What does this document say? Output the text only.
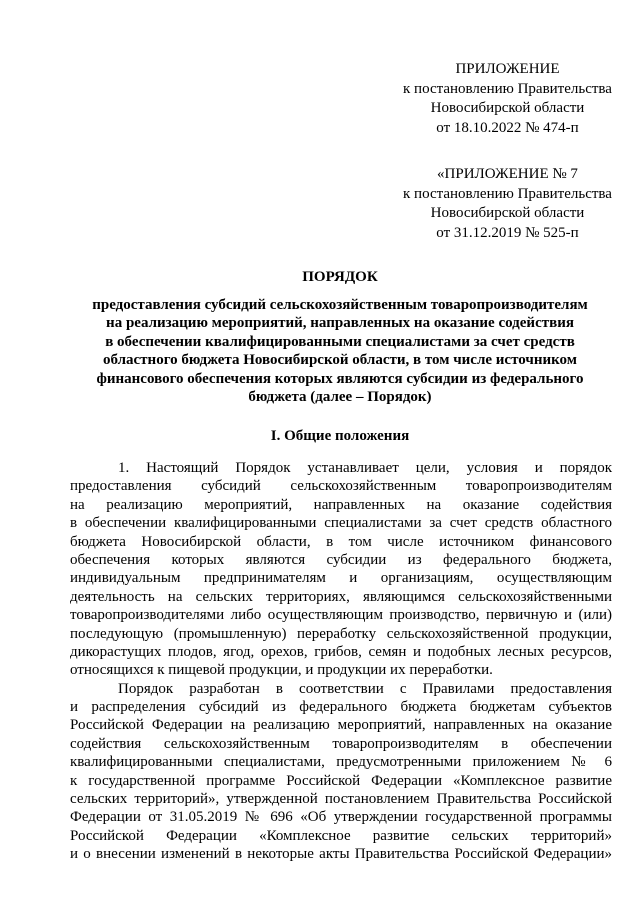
ПРИЛОЖЕНИЕ
к постановлению Правительства
Новосибирской области
от 18.10.2022 № 474-п
«ПРИЛОЖЕНИЕ № 7
к постановлению Правительства
Новосибирской области
от 31.12.2019 № 525-п
ПОРЯДОК
предоставления субсидий сельскохозяйственным товаропроизводителям
на реализацию мероприятий, направленных на оказание содействия
в обеспечении квалифицированными специалистами за счет средств
областного бюджета Новосибирской области, в том числе источником
финансового обеспечения которых являются субсидии из федерального
бюджета (далее – Порядок)
I. Общие положения
1. Настоящий Порядок устанавливает цели, условия и порядок
предоставления субсидий сельскохозяйственным товаропроизводителям
на реализацию мероприятий, направленных на оказание содействия
в обеспечении квалифицированными специалистами за счет средств областного
бюджета Новосибирской области, в том числе источником финансового
обеспечения которых являются субсидии из федерального бюджета,
индивидуальным предпринимателям и организациям, осуществляющим
деятельность на сельских территориях, являющимся сельскохозяйственными
товаропроизводителями либо осуществляющим производство, первичную и (или)
последующую (промышленную) переработку сельскохозяйственной продукции,
дикорастущих плодов, ягод, орехов, грибов, семян и подобных лесных ресурсов,
относящихся к пищевой продукции, и продукции их переработки.
Порядок разработан в соответствии с Правилами предоставления
и распределения субсидий из федерального бюджета бюджетам субъектов
Российской Федерации на реализацию мероприятий, направленных на оказание
содействия сельскохозяйственным товаропроизводителям в обеспечении
квалифицированными специалистами, предусмотренными приложением № 6
к государственной программе Российской Федерации «Комплексное развитие
сельских территорий», утвержденной постановлением Правительства Российской
Федерации от 31.05.2019 № 696 «Об утверждении государственной программы
Российской Федерации «Комплексное развитие сельских территорий»
и о внесении изменений в некоторые акты Правительства Российской Федерации»
